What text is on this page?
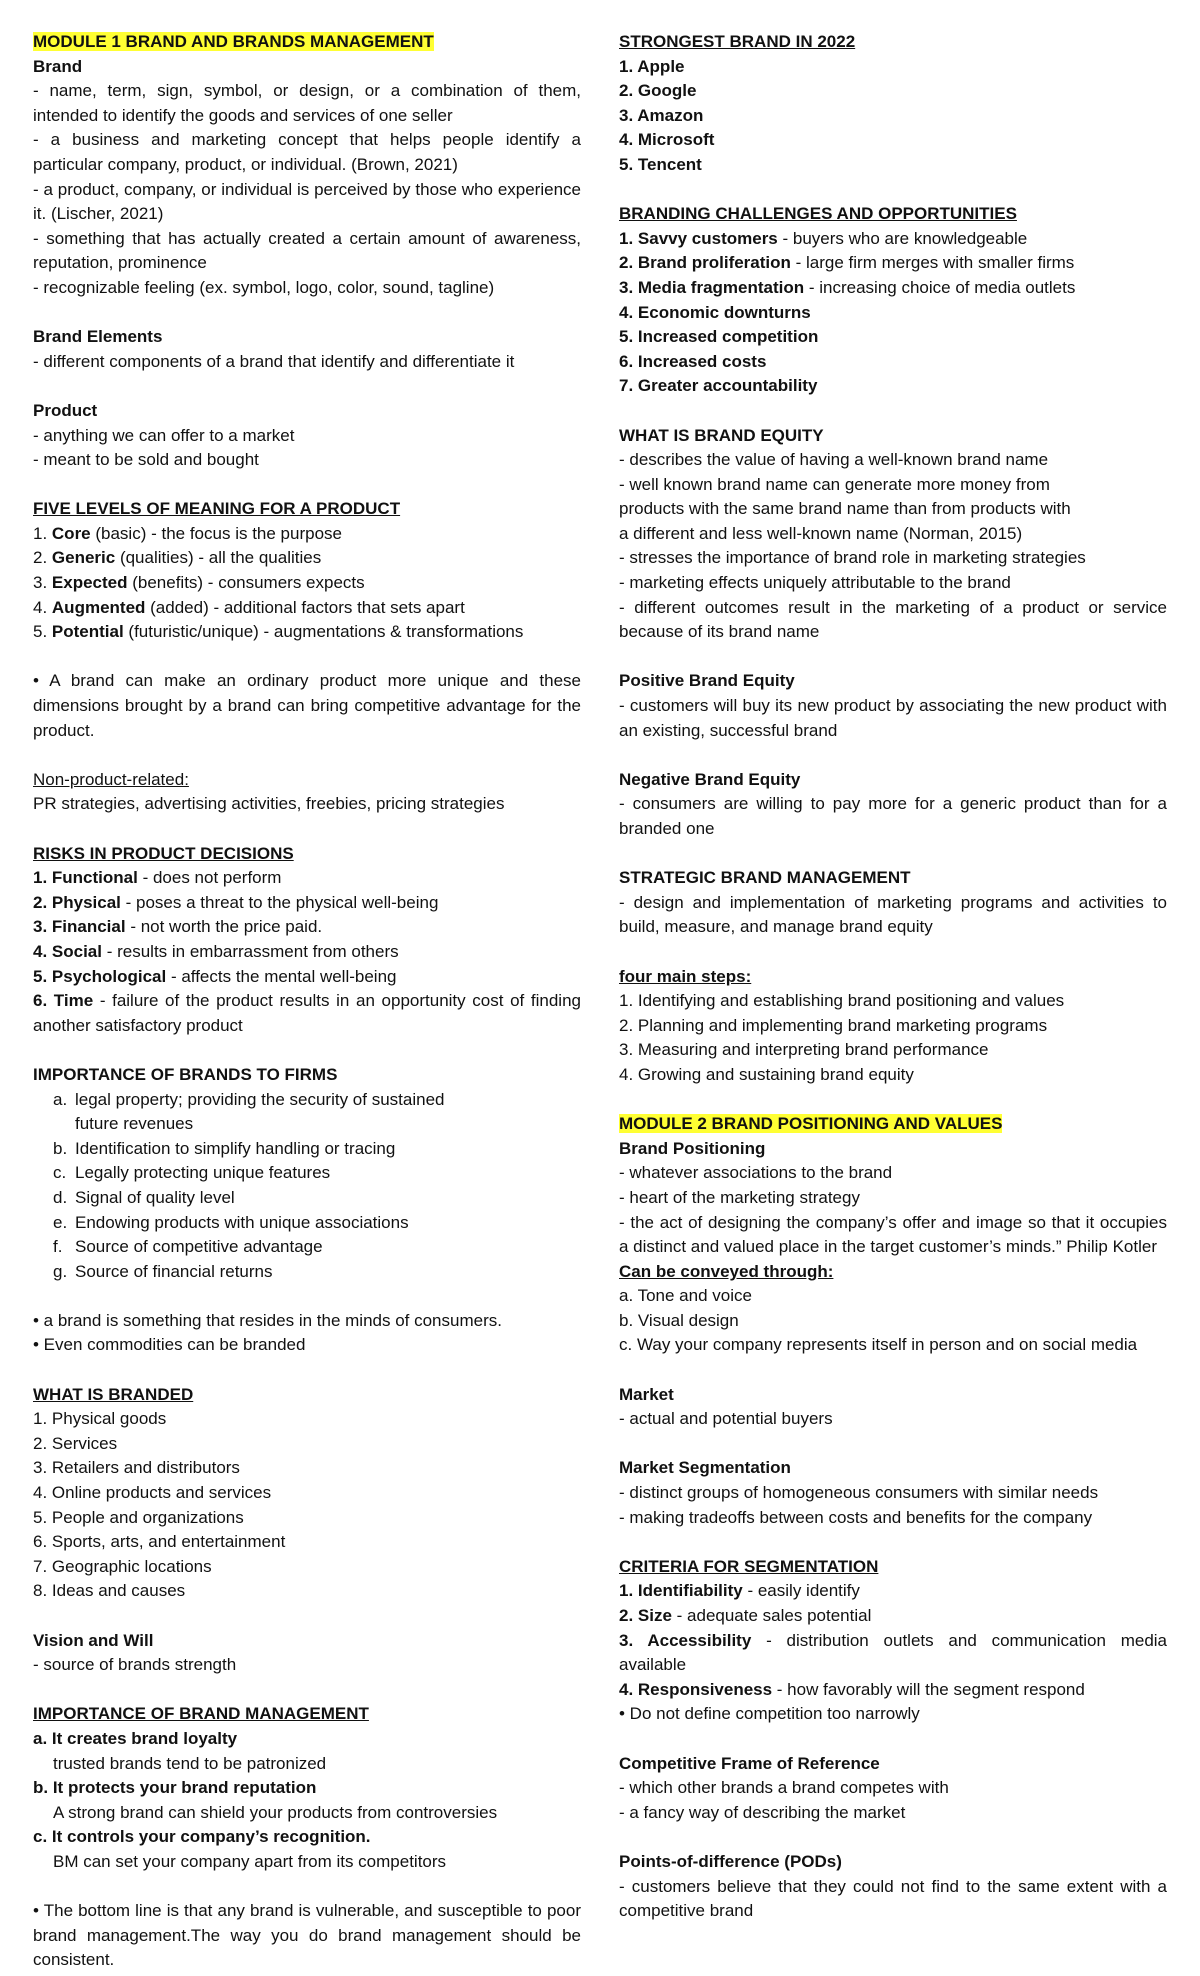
MODULE 1 BRAND AND BRANDS MANAGEMENT
Brand
- name, term, sign, symbol, or design, or a combination of them, intended to identify the goods and services of one seller
- a business and marketing concept that helps people identify a particular company, product, or individual. (Brown, 2021)
- a product, company, or individual is perceived by those who experience it. (Lischer, 2021)
- something that has actually created a certain amount of awareness, reputation, prominence
- recognizable feeling (ex. symbol, logo, color, sound, tagline)
Brand Elements
- different components of a brand that identify and differentiate it
Product
- anything we can offer to a market
- meant to be sold and bought
FIVE LEVELS OF MEANING FOR A PRODUCT
1. Core (basic) - the focus is the purpose
2. Generic (qualities) - all the qualities
3. Expected (benefits) - consumers expects
4. Augmented (added) - additional factors that sets apart
5. Potential (futuristic/unique) - augmentations & transformations
• A brand can make an ordinary product more unique and these dimensions brought by a brand can bring competitive advantage for the product.
Non-product-related:
PR strategies, advertising activities, freebies, pricing strategies
RISKS IN PRODUCT DECISIONS
1. Functional - does not perform
2. Physical - poses a threat to the physical well-being
3. Financial - not worth the price paid.
4. Social - results in embarrassment from others
5. Psychological - affects the mental well-being
6. Time - failure of the product results in an opportunity cost of finding another satisfactory product
IMPORTANCE OF BRANDS TO FIRMS
a. legal property; providing the security of sustained
future revenues
b. Identification to simplify handling or tracing
c. Legally protecting unique features
d. Signal of quality level
e. Endowing products with unique associations
f. Source of competitive advantage
g. Source of financial returns
• a brand is something that resides in the minds of consumers.
• Even commodities can be branded
WHAT IS BRANDED
1. Physical goods
2. Services
3. Retailers and distributors
4. Online products and services
5. People and organizations
6. Sports, arts, and entertainment
7. Geographic locations
8. Ideas and causes
Vision and Will
- source of brands strength
IMPORTANCE OF BRAND MANAGEMENT
a. It creates brand loyalty
trusted brands tend to be patronized
b. It protects your brand reputation
A strong brand can shield your products from controversies
c. It controls your company’s recognition.
BM can set your company apart from its competitors
• The bottom line is that any brand is vulnerable, and susceptible to poor brand management.The way you do brand management should be consistent.
STRONGEST BRAND IN 2022
1. Apple
2. Google
3. Amazon
4. Microsoft
5. Tencent
BRANDING CHALLENGES AND OPPORTUNITIES
1. Savvy customers - buyers who are knowledgeable
2. Brand proliferation - large firm merges with smaller firms
3. Media fragmentation - increasing choice of media outlets
4. Economic downturns
5. Increased competition
6. Increased costs
7. Greater accountability
WHAT IS BRAND EQUITY
- describes the value of having a well-known brand name
- well known brand name can generate more money from
products with the same brand name than from products with
a different and less well-known name (Norman, 2015)
- stresses the importance of brand role in marketing strategies
- marketing effects uniquely attributable to the brand
- different outcomes result in the marketing of a product or service because of its brand name
Positive Brand Equity
- customers will buy its new product by associating the new product with an existing, successful brand
Negative Brand Equity
- consumers are willing to pay more for a generic product than for a branded one
STRATEGIC BRAND MANAGEMENT
- design and implementation of marketing programs and activities to build, measure, and manage brand equity
four main steps:
1. Identifying and establishing brand positioning and values
2. Planning and implementing brand marketing programs
3. Measuring and interpreting brand performance
4. Growing and sustaining brand equity
MODULE 2 BRAND POSITIONING AND VALUES
Brand Positioning
- whatever associations to the brand
- heart of the marketing strategy
- the act of designing the company’s offer and image so that it occupies a distinct and valued place in the target customer’s minds.” Philip Kotler
Can be conveyed through:
a. Tone and voice
b. Visual design
c. Way your company represents itself in person and on social media
Market
- actual and potential buyers
Market Segmentation
- distinct groups of homogeneous consumers with similar needs
- making tradeoffs between costs and benefits for the company
CRITERIA FOR SEGMENTATION
1. Identifiability - easily identify
2. Size - adequate sales potential
3. Accessibility - distribution outlets and communication media available
4. Responsiveness - how favorably will the segment respond
• Do not define competition too narrowly
Competitive Frame of Reference
- which other brands a brand competes with
- a fancy way of describing the market
Points-of-difference (PODs)
- customers believe that they could not find to the same extent with a competitive brand
